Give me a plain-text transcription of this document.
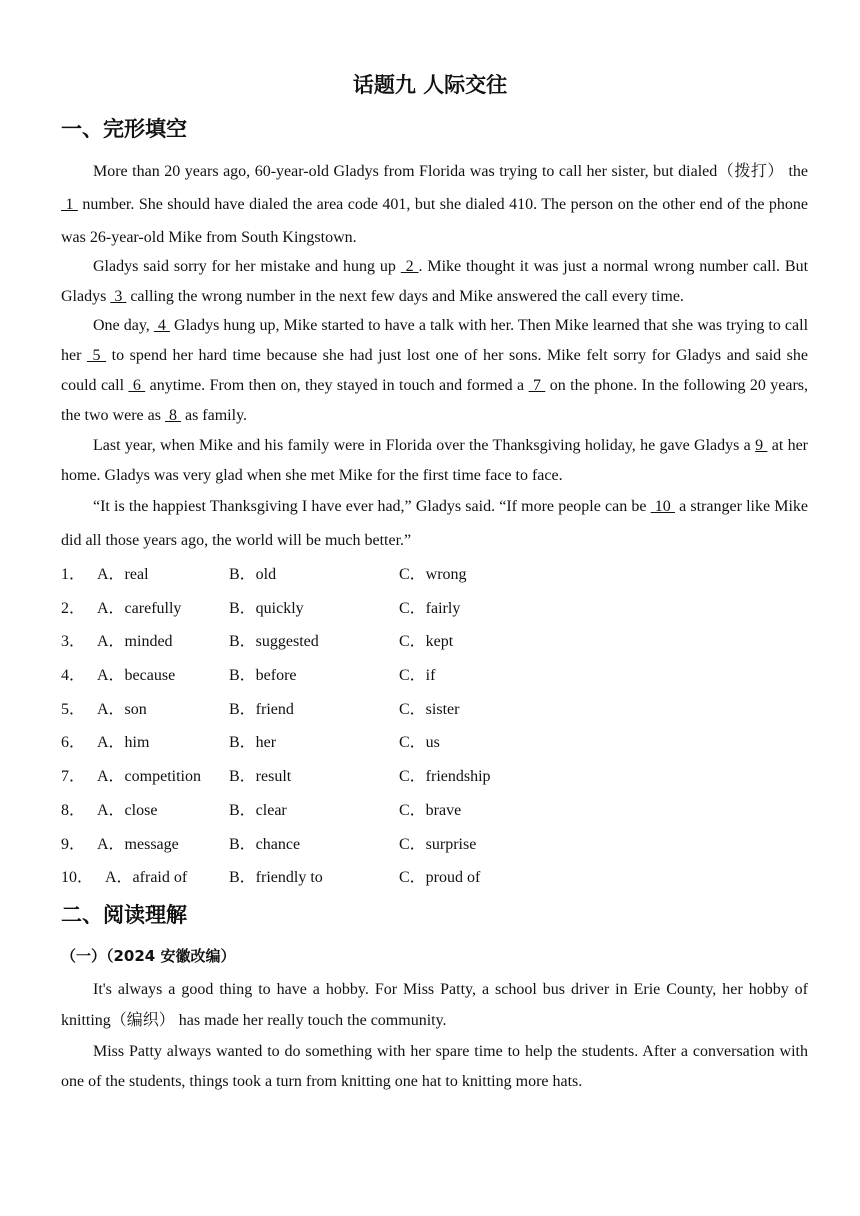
话题九 人际交往
一、完形填空

More than 20 years ago, 60-year-old Gladys from Florida was trying to call her sister, but dialed（拨打） the  1  number. She should have dialed the area code 401, but she dialed 410. The person on the other end of the phone was 26-year-old Mike from South Kingstown.

Gladys said sorry for her mistake and hung up  2 . Mike thought it was just a normal wrong number call. But Gladys  3  calling the wrong number in the next few days and Mike answered the call every time.

One day,  4  Gladys hung up, Mike started to have a talk with her. Then Mike learned that she was trying to call her  5  to spend her hard time because she had just lost one of her sons. Mike felt sorry for Gladys and said she could call  6  anytime. From then on, they stayed in touch and formed a  7  on the phone. In the following 20 years, the two were as  8  as family.

Last year, when Mike and his family were in Florida over the Thanksgiving holiday, he gave Gladys a 9  at her home. Gladys was very glad when she met Mike for the first time face to face.

“It is the happiest Thanksgiving I have ever had,” Gladys said. “If more people can be  10  a stranger like Mike did all those years ago, the world will be much better.”

1． A．real	B．old	C．wrong
2． A．carefully	B．quickly	C．fairly
3． A．minded	B．suggested	C．kept
4． A．because	B．before	C．if
5． A．son	B．friend	C．sister
6． A．him	B．her	C．us
7． A．competition B．result	C．friendship
8． A．close	B．clear	C．brave
9． A．message	B．chance	C．surprise
10． A．afraid of	B．friendly to	C．proud of
二、阅读理解
（一）（2024 安徽改编）

It's always a good thing to have a hobby. For Miss Patty, a school bus driver in Erie County, her hobby of knitting（编织） has made her really touch the community.

Miss Patty always wanted to do something with her spare time to help the students. After a conversation with one of the students, things took a turn from knitting one hat to knitting more hats.
